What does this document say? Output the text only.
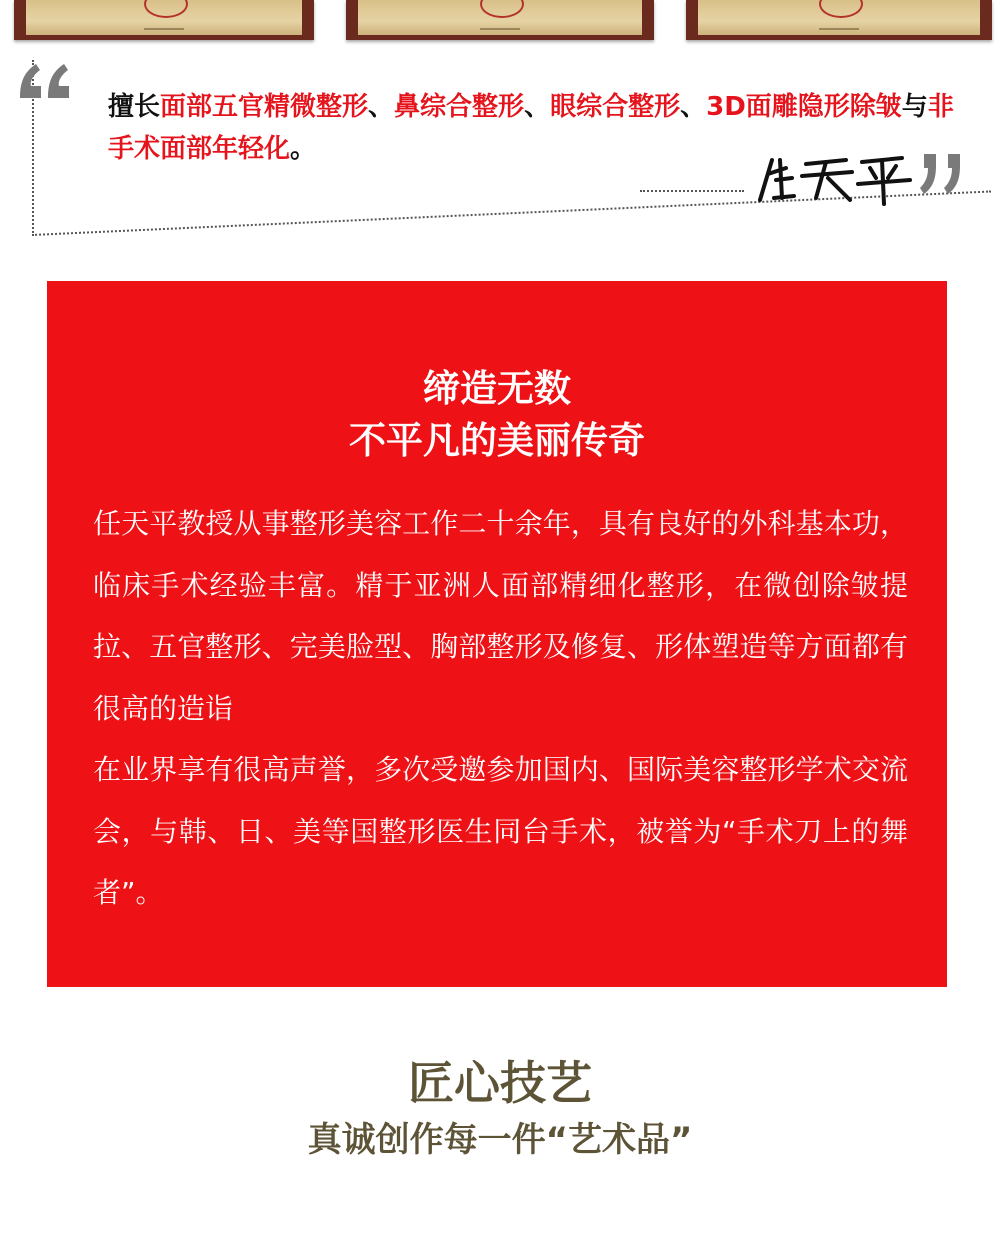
擅长面部五官精微整形、鼻综合整形、眼综合整形、3D面雕隐形除皱与非手术面部年轻化。
缔造无数
不平凡的美丽传奇

任天平教授从事整形美容工作二十余年，具有良好的外科基本功，临床手术经验丰富。精于亚洲人面部精细化整形，在微创除皱提拉、五官整形、完美脸型、胸部整形及修复、形体塑造等方面都有很高的造诣

在业界享有很高声誉，多次受邀参加国内、国际美容整形学术交流会，与韩、日、美等国整形医生同台手术，被誉为“手术刀上的舞者”。

匠心技艺
真诚创作每一件“艺术品”
